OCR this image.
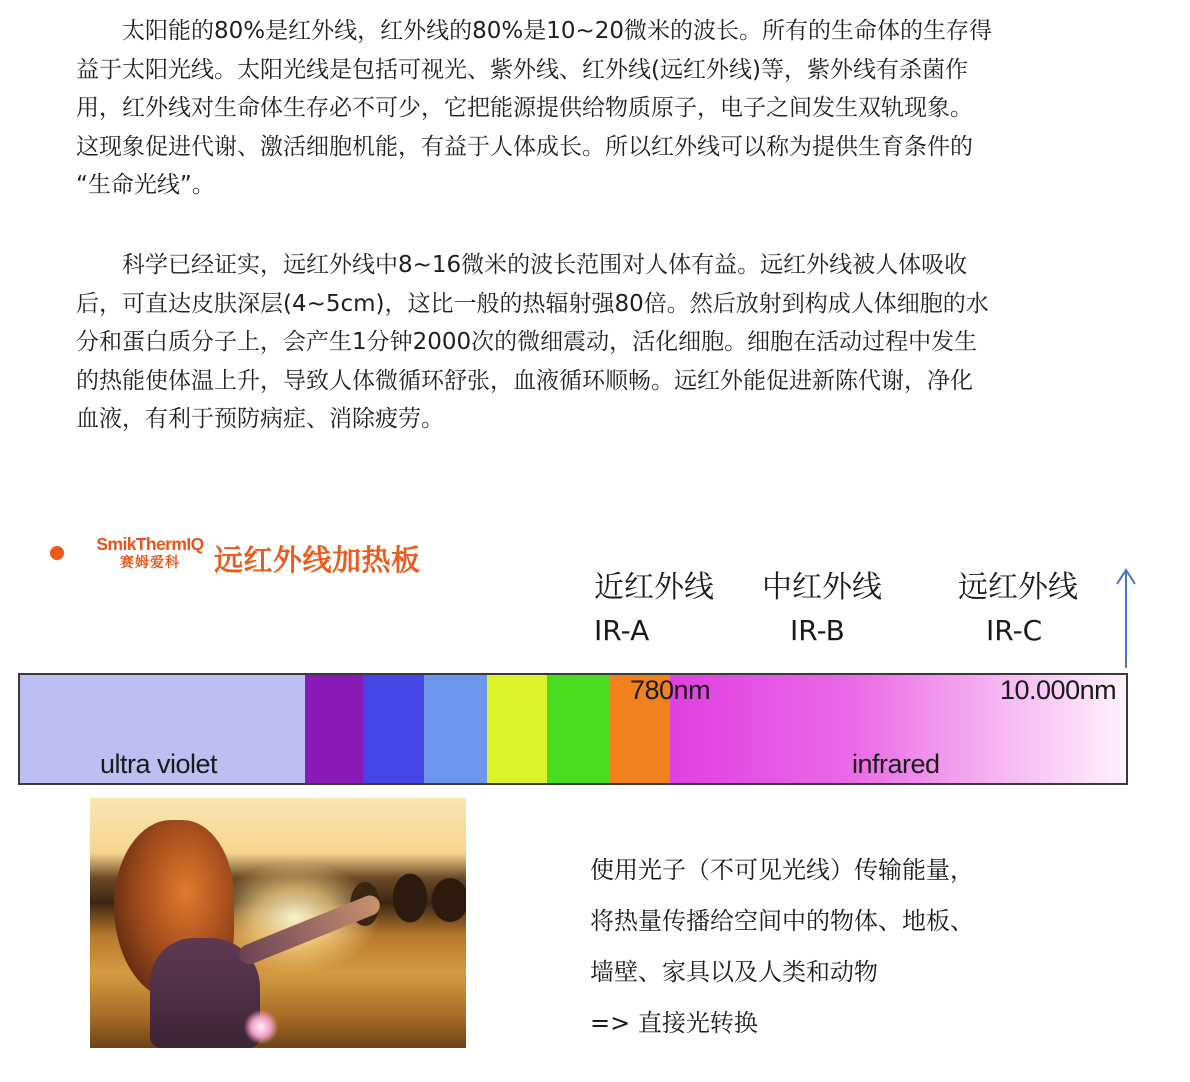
　　太阳能的80%是红外线，红外线的80%是10~20微米的波长。所有的生命体的生存得
益于太阳光线。太阳光线是包括可视光、紫外线、红外线(远红外线)等，紫外线有杀菌作
用，红外线对生命体生存必不可少，它把能源提供给物质原子，电子之间发生双轨现象。
这现象促进代谢、激活细胞机能，有益于人体成长。所以红外线可以称为提供生育条件的
“生命光线”。

　　科学已经证实，远红外线中8~16微米的波长范围对人体有益。远红外线被人体吸收
后，可直达皮肤深层(4~5cm)，这比一般的热辐射强80倍。然后放射到构成人体细胞的水
分和蛋白质分子上，会产生1分钟2000次的微细震动，活化细胞。细胞在活动过程中发生
的热能使体温上升，导致人体微循环舒张，血液循环顺畅。远红外能促进新陈代谢，净化
血液，有利于预防病症、消除疲劳。

SmikThermIQ
赛姆爱科	远红外线加热板
近红外线
IR-A
中红外线
IR-B
远红外线
IR-C
ultra violet	infrared
780nm	10.000nm
使用光子（不可见光线）传输能量，
将热量传播给空间中的物体、地板、
墙壁、家具以及人类和动物
=> 直接光转换
